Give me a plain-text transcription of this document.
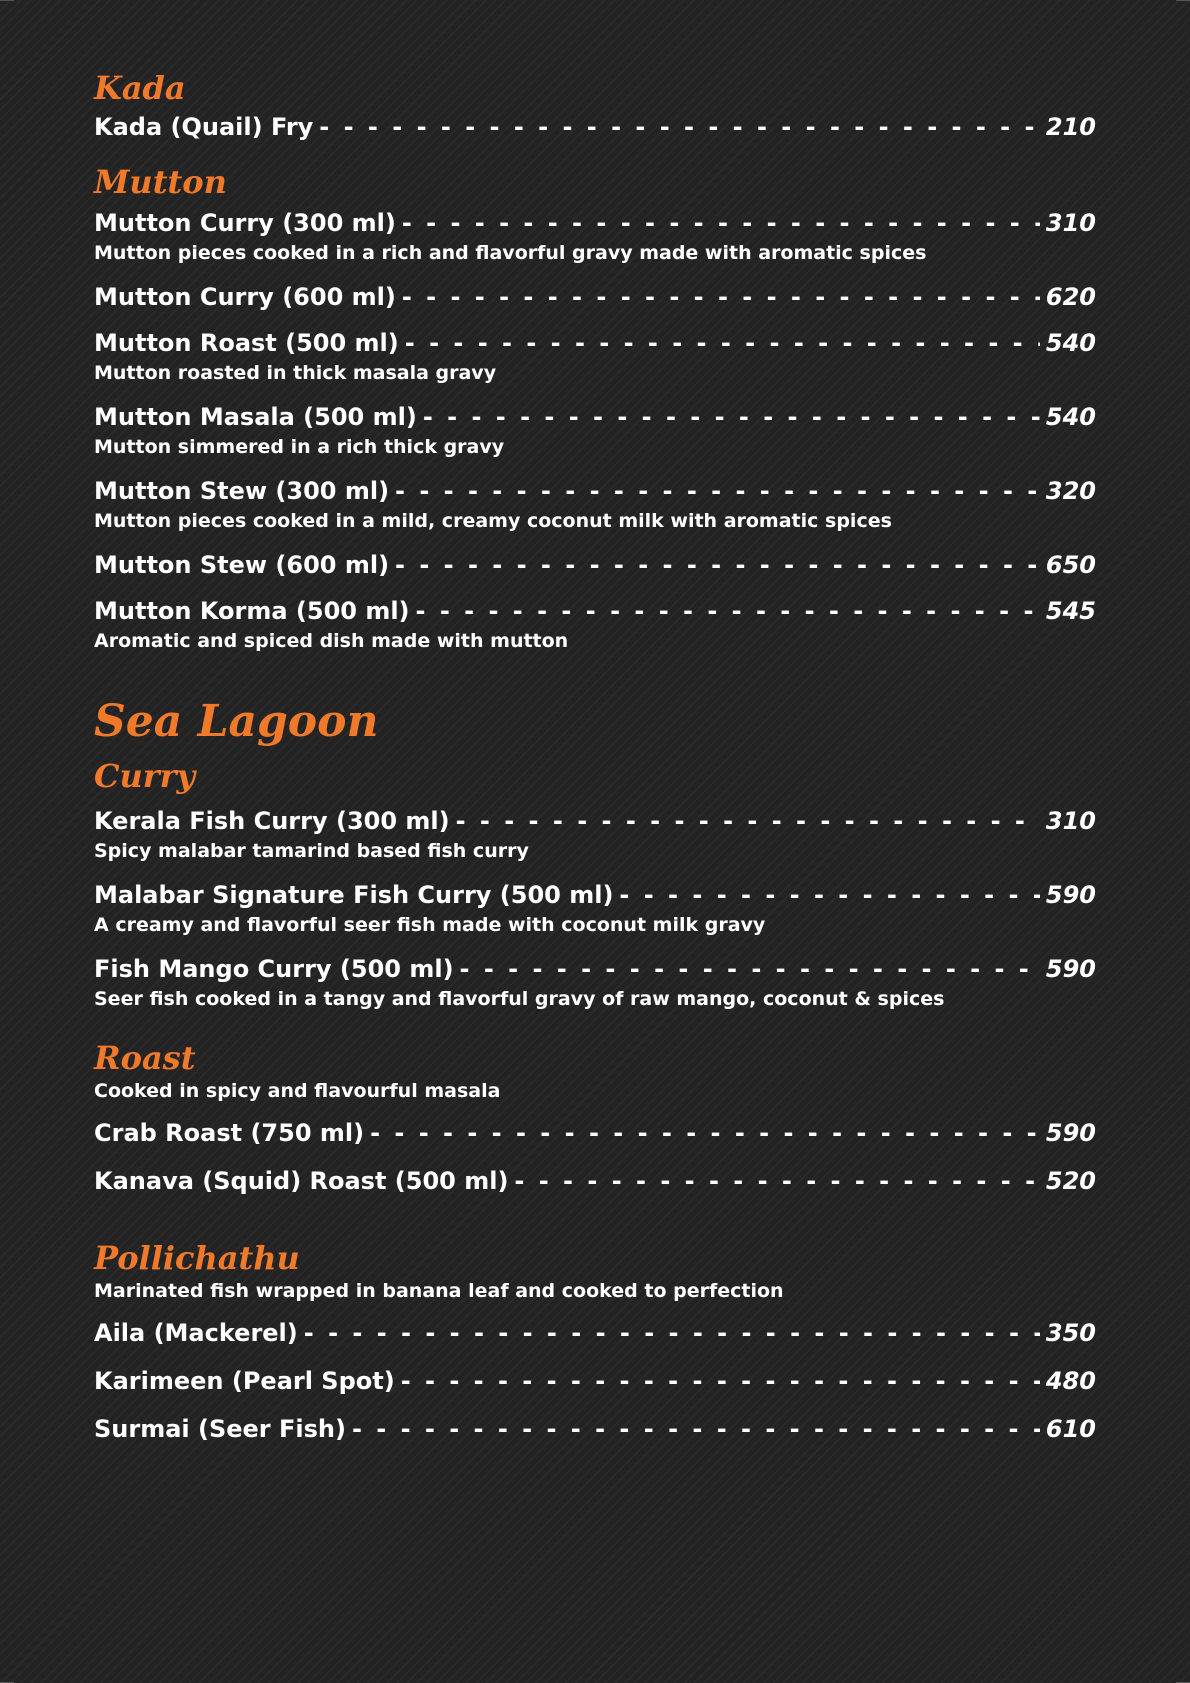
Kada
Kada (Quail) Fry - - -	210
Mutton
Mutton Curry (300 ml) - - -	310
Mutton pieces cooked in a rich and flavorful gravy made with aromatic spices
Mutton Curry (600 ml) - - -	620
Mutton Roast (500 ml) - - -	540
Mutton roasted in thick masala gravy
Mutton Masala (500 ml) - - -	540
Mutton simmered in a rich thick gravy
Mutton Stew (300 ml) - - -	320
Mutton pieces cooked in a mild, creamy coconut milk with aromatic spices
Mutton Stew (600 ml) - - -	650
Mutton Korma (500 ml) - - -	545
Aromatic and spiced dish made with mutton
Sea Lagoon
Curry
Kerala Fish Curry (300 ml) - - -	310
Spicy malabar tamarind based fish curry
Malabar Signature Fish Curry (500 ml) - - -	590
A creamy and flavorful seer fish made with coconut milk gravy
Fish Mango Curry (500 ml) - - -	590
Seer fish cooked in a tangy and flavorful gravy of raw mango, coconut & spices
Roast

Cooked in spicy and flavourful masala

Crab Roast (750 ml) - - -	590
Kanava (Squid) Roast (500 ml) - - -	520
Pollichathu

Marinated fish wrapped in banana leaf and cooked to perfection

Aila (Mackerel) - - -	350
Karimeen (Pearl Spot) - - -	480
Surmai (Seer Fish) - - -	610
